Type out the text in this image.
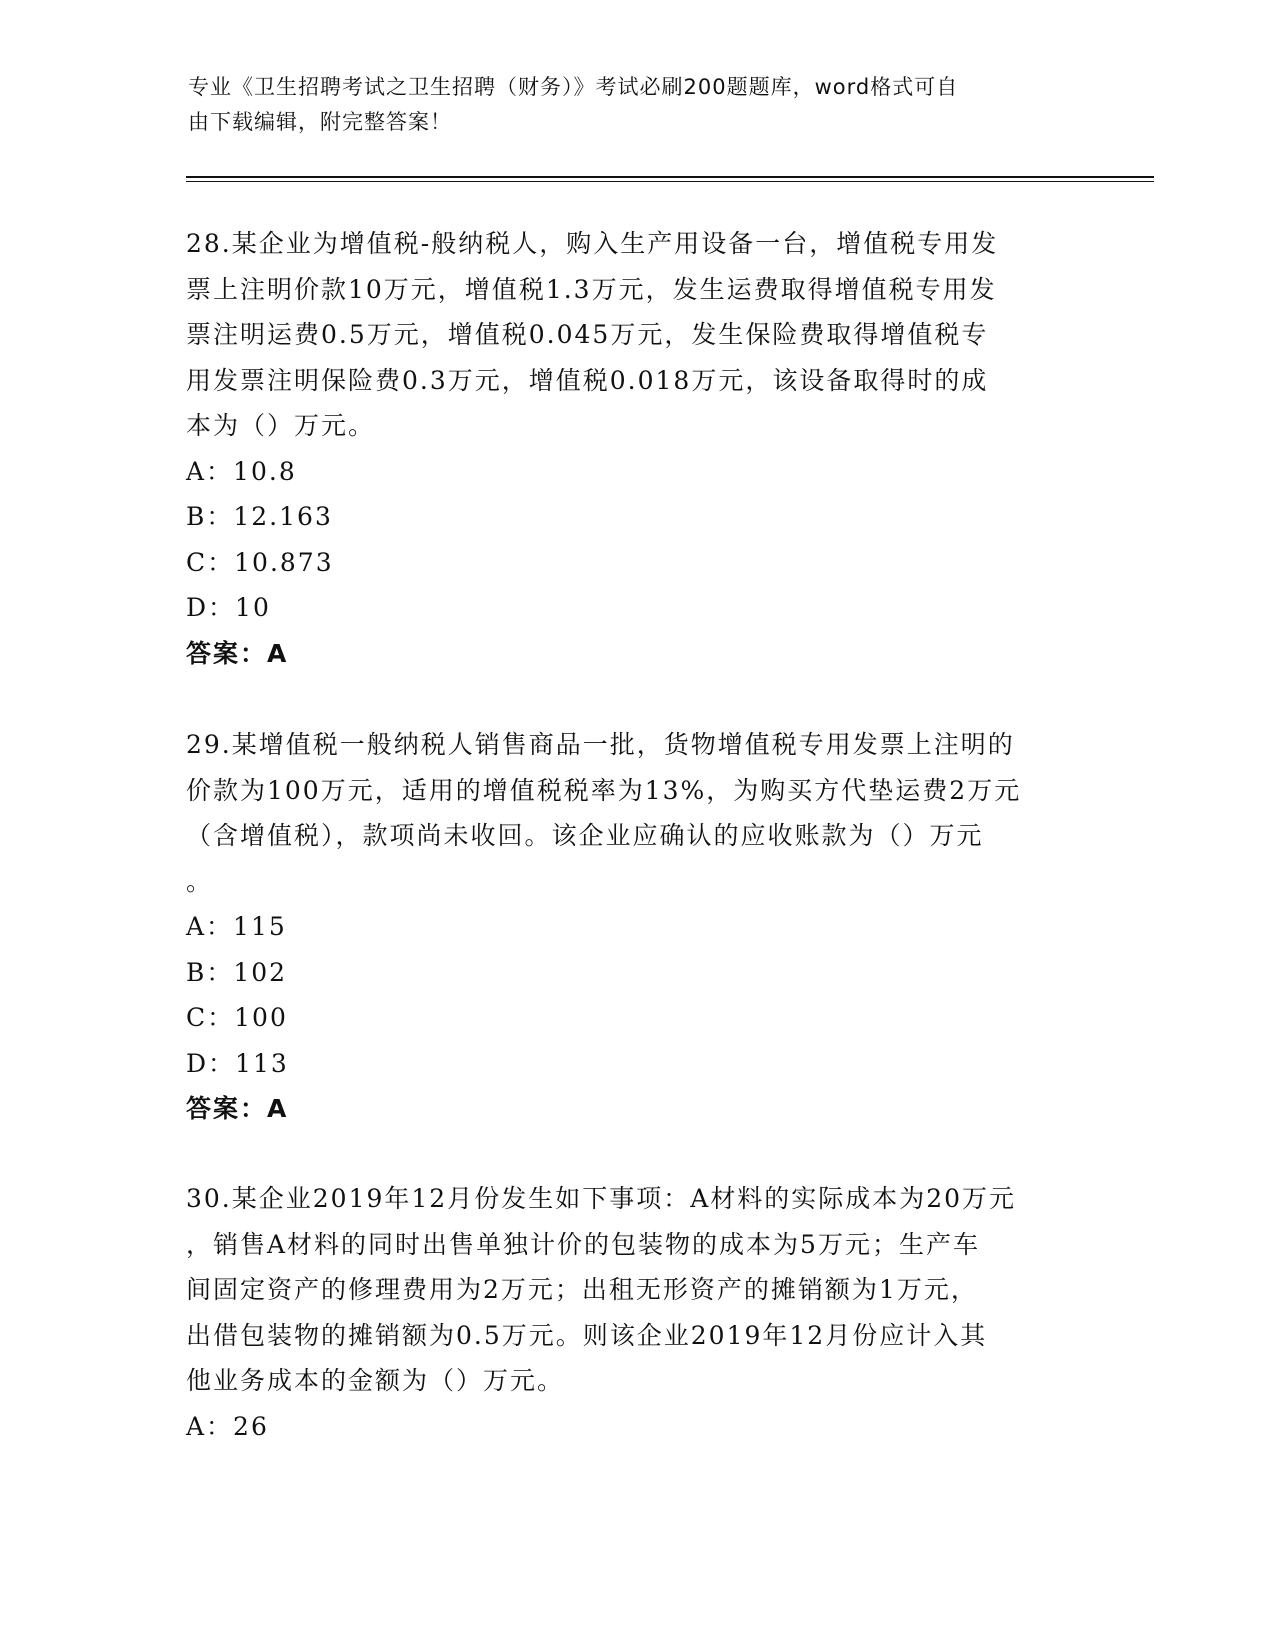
专业《卫生招聘考试之卫生招聘（财务）》考试必刷200题题库，word格式可自
由下载编辑，附完整答案！
28.某企业为增值税-般纳税人，购入生产用设备一台，增值税专用发
票上注明价款10万元，增值税1.3万元，发生运费取得增值税专用发
票注明运费0.5万元，增值税0.045万元，发生保险费取得增值税专
用发票注明保险费0.3万元，增值税0.018万元，该设备取得时的成
本为（）万元。
A：10.8
B：12.163
C：10.873
D：10
答案：A
29.某增值税一般纳税人销售商品一批，货物增值税专用发票上注明的
价款为100万元，适用的增值税税率为13%，为购买方代垫运费2万元
（含增值税），款项尚未收回。该企业应确认的应收账款为（）万元
。
A：115
B：102
C：100
D：113
答案：A
30.某企业2019年12月份发生如下事项：A材料的实际成本为20万元
，销售A材料的同时出售单独计价的包装物的成本为5万元；生产车
间固定资产的修理费用为2万元；出租无形资产的摊销额为1万元，
出借包装物的摊销额为0.5万元。则该企业2019年12月份应计入其
他业务成本的金额为（）万元。
A：26
